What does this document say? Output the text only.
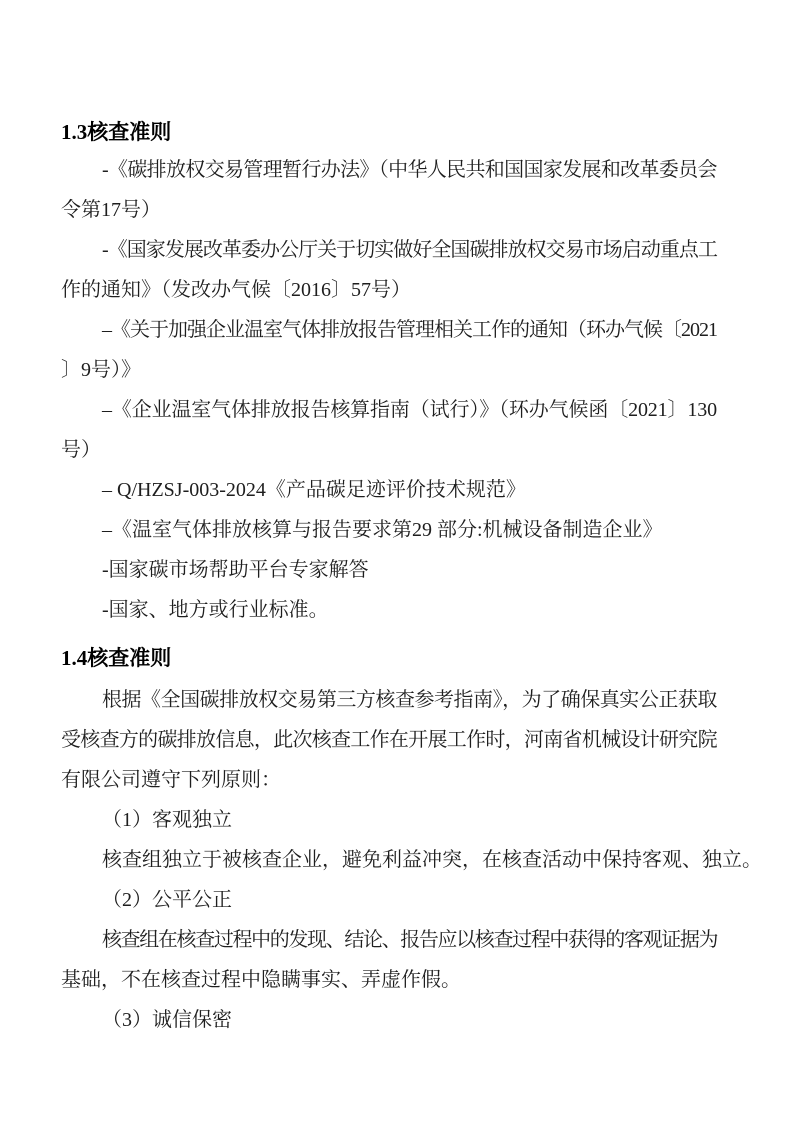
1.3核查准则
-《碳排放权交易管理暂行办法》（中华人民共和国国家发展和改革委员会
令第17号）
-《国家发展改革委办公厅关于切实做好全国碳排放权交易市场启动重点工
作的通知》（发改办气候〔2016〕57号）
–《关于加强企业温室气体排放报告管理相关工作的通知（环办气候〔2021
〕9号）》
–《企业温室气体排放报告核算指南（试行）》（环办气候函〔2021〕130
号）
– Q/HZSJ-003-2024《产品碳足迹评价技术规范》
–《温室气体排放核算与报告要求第29 部分:机械设备制造企业》
-国家碳市场帮助平台专家解答
-国家、地方或行业标准。
1.4核查准则
根据《全国碳排放权交易第三方核查参考指南》，为了确保真实公正获取
受核查方的碳排放信息，此次核查工作在开展工作时，河南省机械设计研究院
有限公司遵守下列原则：
（1）客观独立
核查组独立于被核查企业，避免利益冲突，在核查活动中保持客观、独立。
（2）公平公正
核查组在核查过程中的发现、结论、报告应以核查过程中获得的客观证据为
基础，不在核查过程中隐瞒事实、弄虚作假。
（3）诚信保密
